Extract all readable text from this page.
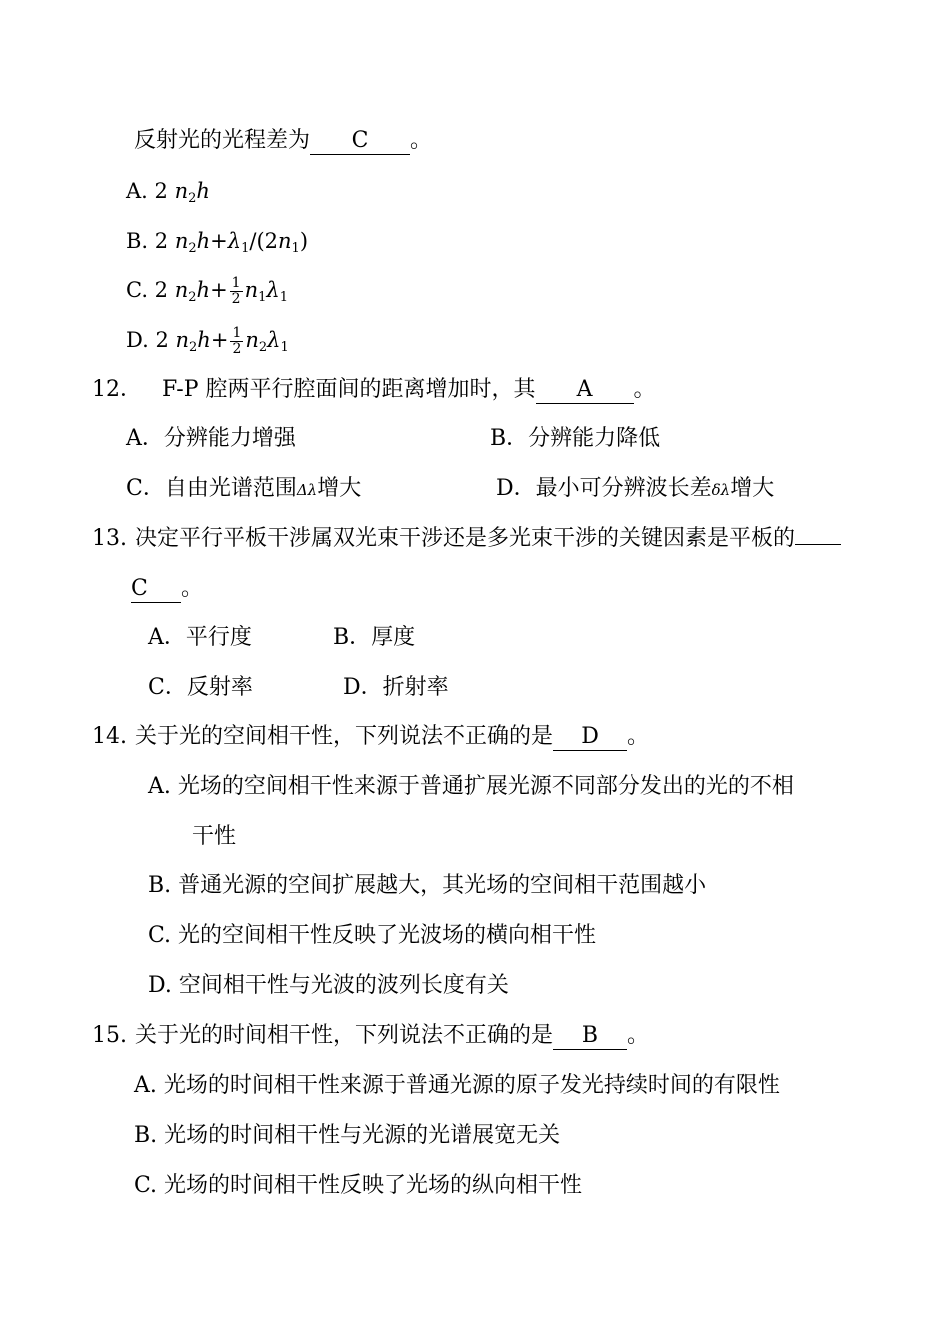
反射光的光程差为 C 。
A. 2 $n_2h$
B. 2 $n_2h+\lambda_1/(2n_1)$
C. 2 $n_2h+ \frac{1}{2} n_1\lambda_1$
D. 2 $n_2h+ \frac{1}{2} n_2\lambda_1$
12． F-P 腔两平行腔面间的距离增加时，其 A 。
A．分辨能力增强	B．分辨能力降低
C．自由光谱范围Δλ增大	D．最小可分辨波长差δλ增大
13. 决定平行平板干涉属双光束干涉还是多光束干涉的关键因素是平板的
C 。
A．平行度	B．厚度
C．反射率	D．折射率
14. 关于光的空间相干性，下列说法不正确的是 D 。
A. 光场的空间相干性来源于普通扩展光源不同部分发出的光的不相
干性
B. 普通光源的空间扩展越大，其光场的空间相干范围越小
C. 光的空间相干性反映了光波场的横向相干性
D. 空间相干性与光波的波列长度有关
15. 关于光的时间相干性，下列说法不正确的是 B 。
A. 光场的时间相干性来源于普通光源的原子发光持续时间的有限性
B. 光场的时间相干性与光源的光谱展宽无关
C. 光场的时间相干性反映了光场的纵向相干性
